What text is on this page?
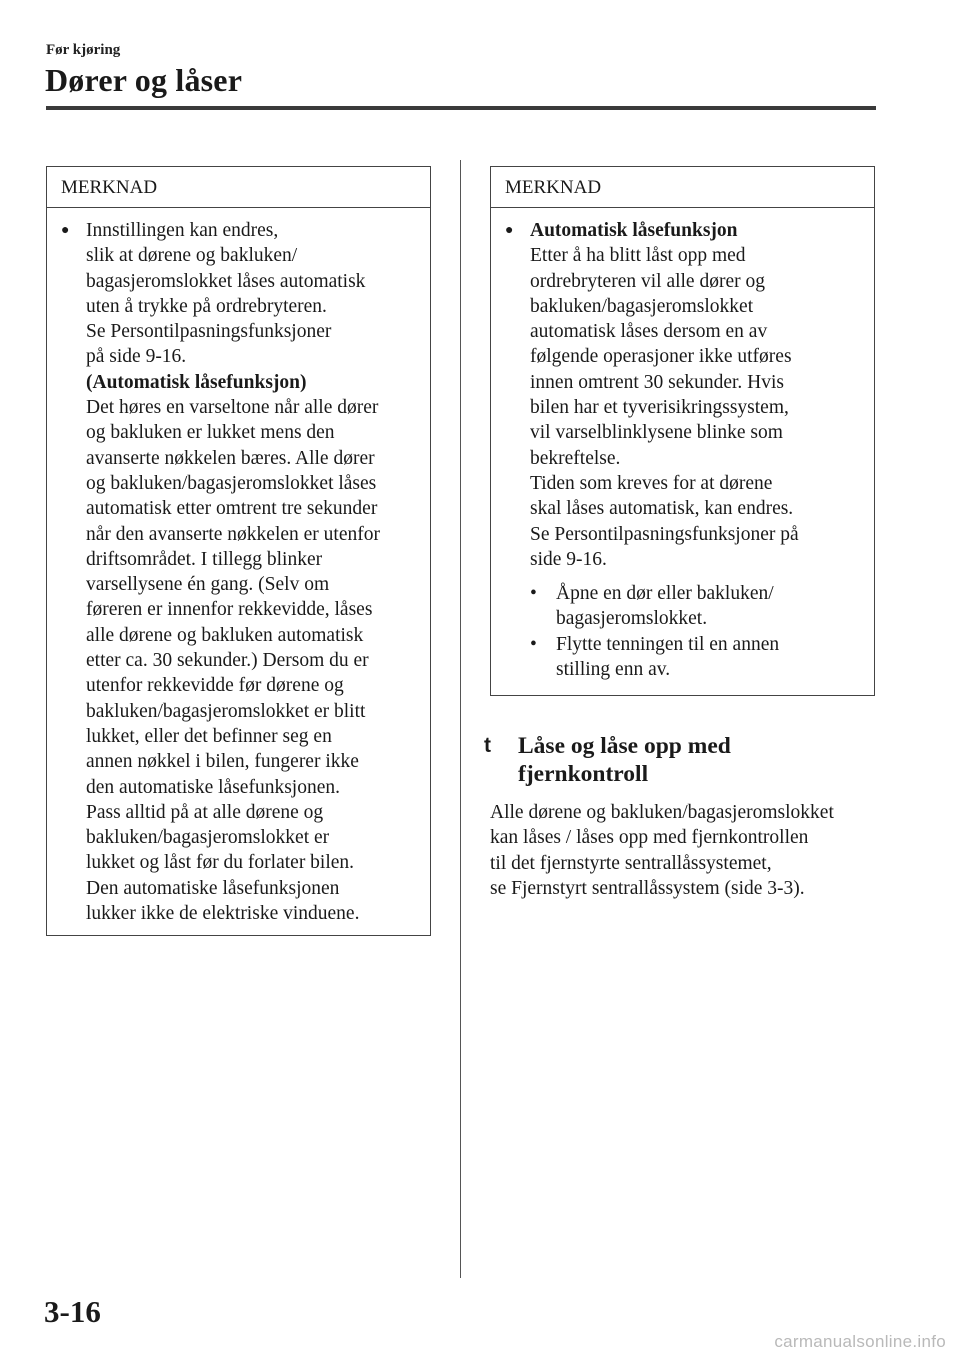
Før kjøring
Dører og låser
MERKNAD
● Innstillingen kan endres,
slik at dørene og bakluken/
bagasjeromslokket låses automatisk
uten å trykke på ordrebryteren.
Se Persontilpasningsfunksjoner
på side 9-16.
(Automatisk låsefunksjon)
Det høres en varseltone når alle dører
og bakluken er lukket mens den
avanserte nøkkelen bæres. Alle dører
og bakluken/bagasjeromslokket låses
automatisk etter omtrent tre sekunder
når den avanserte nøkkelen er utenfor
driftsområdet. I tillegg blinker
varsellysene én gang. (Selv om
føreren er innenfor rekkevidde, låses
alle dørene og bakluken automatisk
etter ca. 30 sekunder.) Dersom du er
utenfor rekkevidde før dørene og
bakluken/bagasjeromslokket er blitt
lukket, eller det befinner seg en
annen nøkkel i bilen, fungerer ikke
den automatiske låsefunksjonen.
Pass alltid på at alle dørene og
bakluken/bagasjeromslokket er
lukket og låst før du forlater bilen.
Den automatiske låsefunksjonen
lukker ikke de elektriske vinduene.
MERKNAD
● Automatisk låsefunksjon
Etter å ha blitt låst opp med
ordrebryteren vil alle dører og
bakluken/bagasjeromslokket
automatisk låses dersom en av
følgende operasjoner ikke utføres
innen omtrent 30 sekunder. Hvis
bilen har et tyverisikringssystem,
vil varselblinklysene blinke som
bekreftelse.
Tiden som kreves for at dørene
skal låses automatisk, kan endres.
Se Persontilpasningsfunksjoner på
side 9-16.
• Åpne en dør eller bakluken/
bagasjeromslokket.
• Flytte tenningen til en annen
stilling enn av.
t	Låse og låse opp med
fjernkontroll
Alle dørene og bakluken/bagasjeromslokket
kan låses / låses opp med fjernkontrollen
til det fjernstyrte sentrallåssystemet,
se Fjernstyrt sentrallåssystem (side 3-3).
3-16
carmanualsonline.info
